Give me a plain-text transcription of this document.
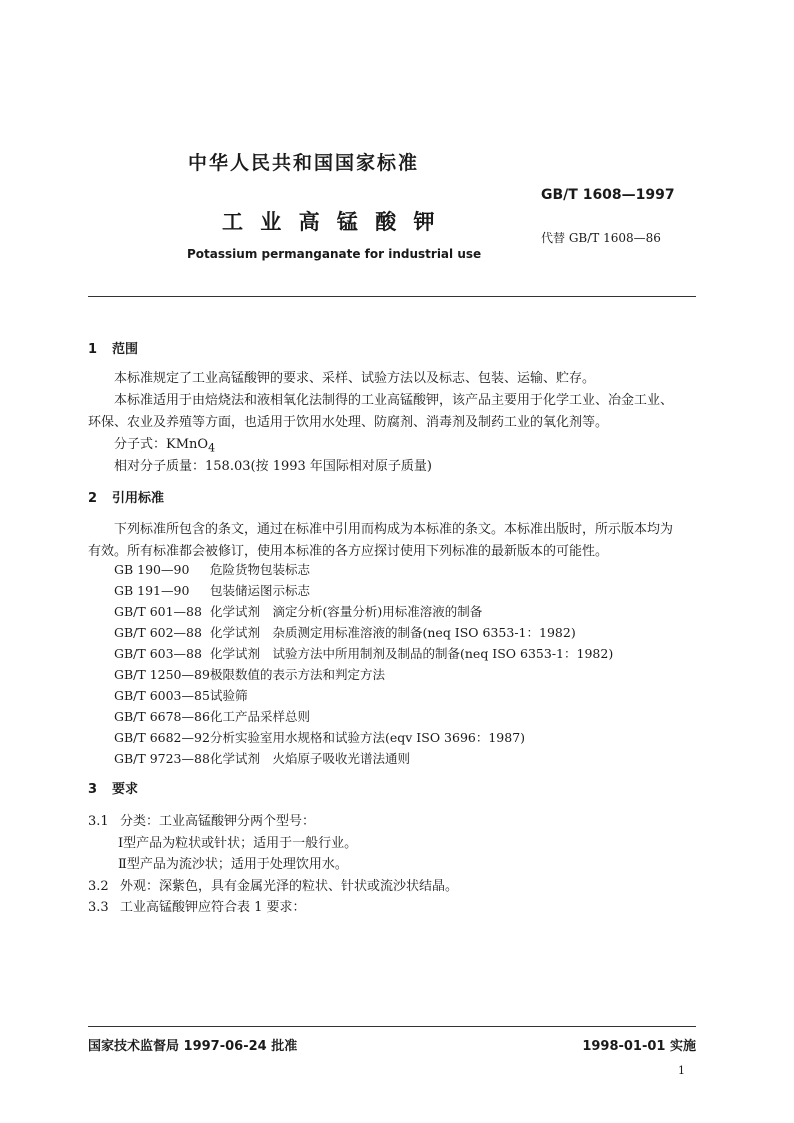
中华人民共和国国家标准
GB/T 1608—1997
工 业 高 锰 酸 钾
代替 GB/T 1608—86
Potassium permanganate for industrial use
1 范围
本标准规定了工业高锰酸钾的要求、采样、试验方法以及标志、包装、运输、贮存。
本标准适用于由焙烧法和液相氧化法制得的工业高锰酸钾，该产品主要用于化学工业、冶金工业、
环保、农业及养殖等方面，也适用于饮用水处理、防腐剂、消毒剂及制药工业的氧化剂等。
分子式：KMnO$_4$
相对分子质量：158.03(按 1993 年国际相对原子质量)
2 引用标准
下列标准所包含的条文，通过在标准中引用而构成为本标准的条文。本标准出版时，所示版本均为
有效。所有标准都会被修订，使用本标准的各方应探讨使用下列标准的最新版本的可能性。
GB 190—90 危险货物包装标志
GB 191—90 包装储运图示标志
GB/T 601—88 化学试剂　滴定分析(容量分析)用标准溶液的制备
GB/T 602—88 化学试剂　杂质测定用标准溶液的制备(neq ISO 6353-1：1982)
GB/T 603—88 化学试剂　试验方法中所用制剂及制品的制备(neq ISO 6353-1：1982)
GB/T 1250—89极限数值的表示方法和判定方法
GB/T 6003—85试验筛
GB/T 6678—86化工产品采样总则
GB/T 6682—92分析实验室用水规格和试验方法(eqv ISO 3696：1987)
GB/T 9723—88化学试剂　火焰原子吸收光谱法通则
3 要求
3.1 分类：工业高锰酸钾分两个型号：
Ⅰ型产品为粒状或针状；适用于一般行业。
Ⅱ型产品为流沙状；适用于处理饮用水。
3.2 外观：深紫色，具有金属光泽的粒状、针状或流沙状结晶。
3.3 工业高锰酸钾应符合表 1 要求：
国家技术监督局 1997-06-24 批准	1998-01-01 实施
1
